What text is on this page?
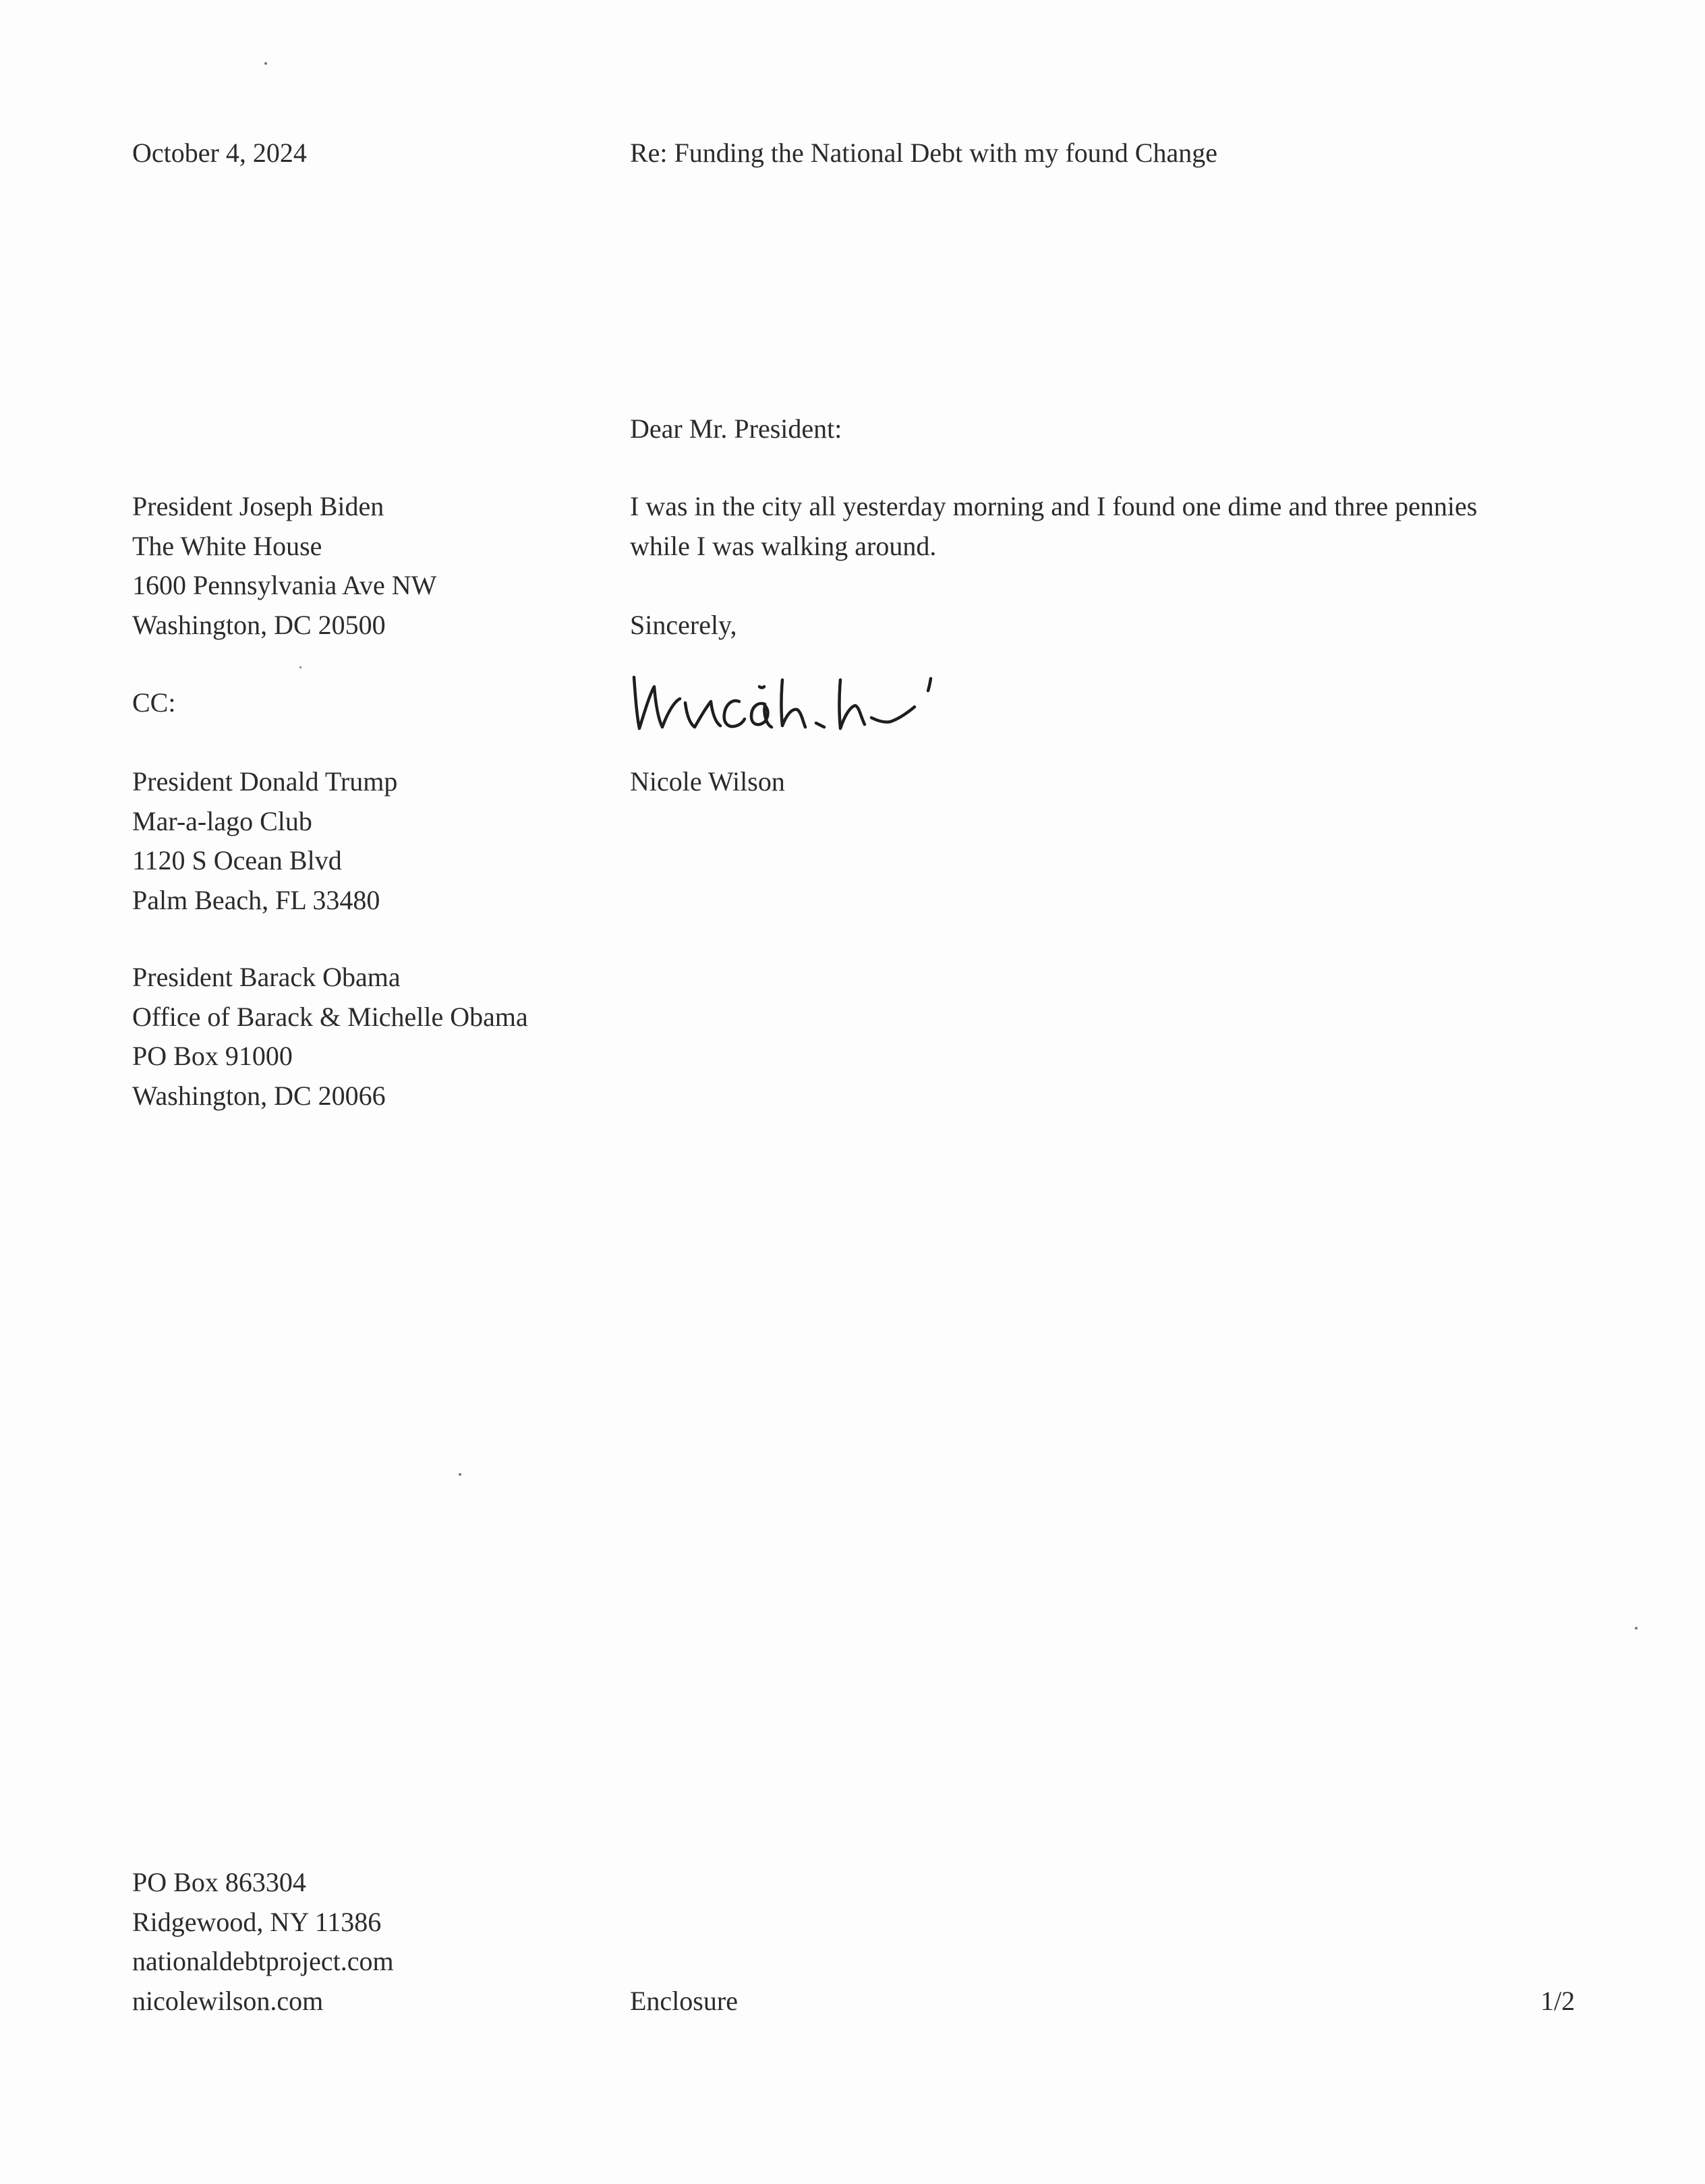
October 4, 2024	Re: Funding the National Debt with my found Change

Dear Mr. President:

President Joseph Biden
The White House
1600 Pennsylvania Ave NW
Washington, DC 20500

CC:

President Donald Trump
Mar-a-lago Club
1120 S Ocean Blvd
Palm Beach, FL 33480
President Barack Obama
Office of Barack & Michelle Obama
PO Box 91000
Washington, DC 20066
I was in the city all yesterday morning and I found one dime and three pennies
while I was walking around.

Sincerely,

Nicole Wilson

PO Box 863304
Ridgewood, NY 11386
nationaldebtproject.com
nicolewilson.com	Enclosure	1/2
